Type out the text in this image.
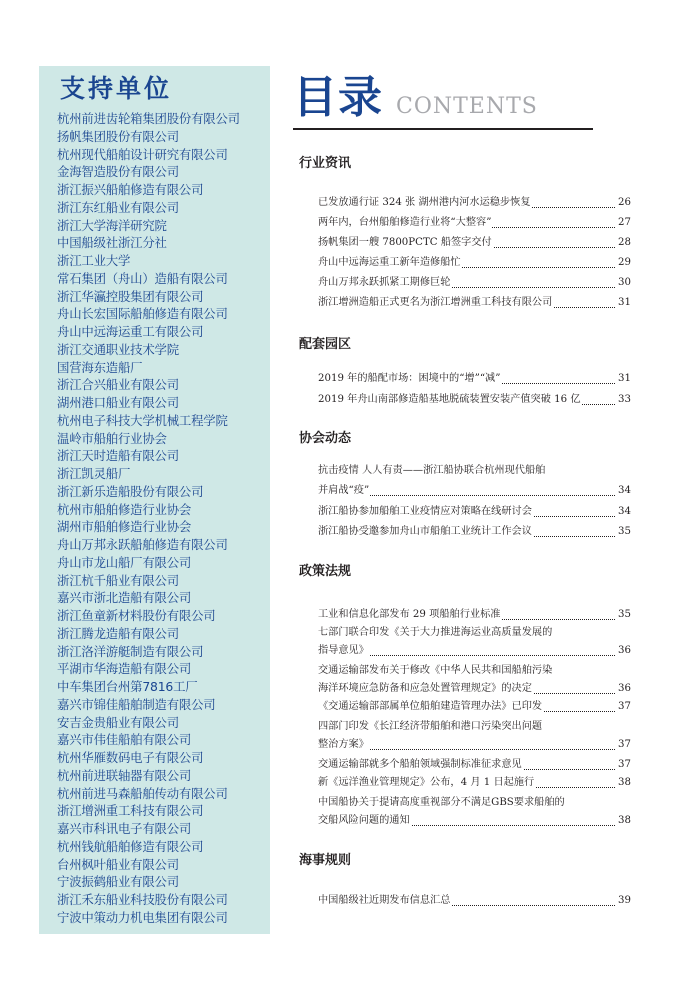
支持单位
杭州前进齿轮箱集团股份有限公司
扬帆集团股份有限公司
杭州现代船舶设计研究有限公司
金海智造股份有限公司
浙江振兴船舶修造有限公司
浙江东红船业有限公司
浙江大学海洋研究院
中国船级社浙江分社
浙江工业大学
常石集团（舟山）造船有限公司
浙江华瀛控股集团有限公司
舟山长宏国际船舶修造有限公司
舟山中远海运重工有限公司
浙江交通职业技术学院
国营海东造船厂
浙江合兴船业有限公司
湖州港口船业有限公司
杭州电子科技大学机械工程学院
温岭市船舶行业协会
浙江天时造船有限公司
浙江凯灵船厂
浙江新乐造船股份有限公司
杭州市船舶修造行业协会
湖州市船舶修造行业协会
舟山万邦永跃船舶修造有限公司
舟山市龙山船厂有限公司
浙江杭千船业有限公司
嘉兴市浙北造船有限公司
浙江鱼童新材料股份有限公司
浙江腾龙造船有限公司
浙江洛洋游艇制造有限公司
平湖市华海造船有限公司
中车集团台州第7816工厂
嘉兴市锦佳船舶制造有限公司
安吉金贵船业有限公司
嘉兴市伟佳船舶有限公司
杭州华雁数码电子有限公司
杭州前进联轴器有限公司
杭州前进马森船舶传动有限公司
浙江增洲重工科技有限公司
嘉兴市科讯电子有限公司
杭州钱航船舶修造有限公司
台州枫叶船业有限公司
宁波振鹤船业有限公司
浙江禾东船业科技股份有限公司
宁波中策动力机电集团有限公司
目录 CONTENTS
行业资讯
已发放通行证 324 张 湖州港内河水运稳步恢复	26
两年内，台州船舶修造行业将“大整容”	27
扬帆集团一艘 7800PCTC 船签字交付	28
舟山中远海运重工新年造修船忙	29
舟山万邦永跃抓紧工期修巨轮	30
浙江增洲造船正式更名为浙江增洲重工科技有限公司	31
配套园区
2019 年的船配市场：困境中的“增”“减”	31
2019 年舟山南部修造船基地脱硫装置安装产值突破 16 亿	33
协会动态
抗击疫情 人人有责——浙江船协联合杭州现代船舶
并肩战“疫”	34
浙江船协参加船舶工业疫情应对策略在线研讨会	34
浙江船协受邀参加舟山市船舶工业统计工作会议	35
政策法规
工业和信息化部发布 29 项船舶行业标准	35
七部门联合印发《关于大力推进海运业高质量发展的
指导意见》	36
交通运输部发布关于修改《中华人民共和国船舶污染
海洋环境应急防备和应急处置管理规定》的决定	36
《交通运输部部属单位船舶建造管理办法》已印发	37
四部门印发《长江经济带船舶和港口污染突出问题
整治方案》	37
交通运输部就多个船舶领域强制标准征求意见	37
新《远洋渔业管理规定》公布，4 月 1 日起施行	38
中国船协关于提请高度重视部分不满足GBS要求船舶的
交船风险问题的通知	38
海事规则
中国船级社近期发布信息汇总	39
